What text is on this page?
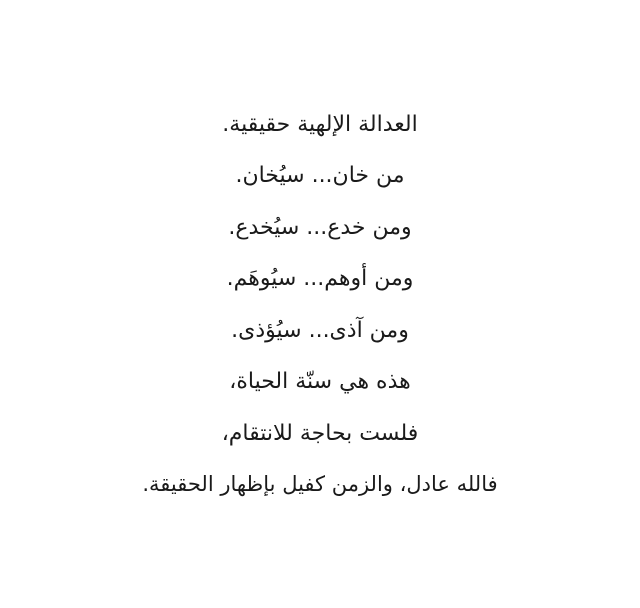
العدالة الإلهية حقيقية.

من خان... سيُخان.

ومن خدع... سيُخدع.

ومن أوهم... سيُوهَم.

ومن آذى... سيُؤذى.

هذه هي سنّة الحياة،

فلست بحاجة للانتقام،

فالله عادل، والزمن كفيل بإظهار الحقيقة.
